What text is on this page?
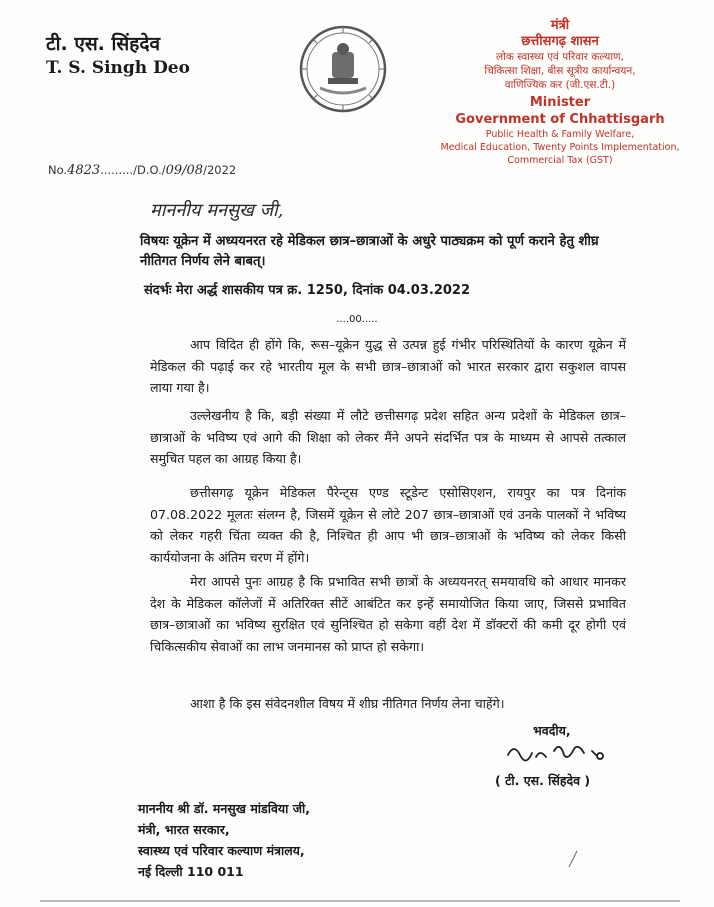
टी. एस. सिंहदेव
T. S. Singh Deo
मंत्री
छत्तीसगढ़ शासन
लोक स्वास्थ्य एवं परिवार कल्याण,
चिकित्सा शिक्षा, बीस सूत्रीय कार्यान्वयन,
वाणिज्यिक कर (जी.एस.टी.)
Minister
Government of Chhattisgarh
Public Health & Family Welfare,
Medical Education, Twenty Points Implementation,
Commercial Tax (GST)
No.4823........./D.O./09/08/2022
माननीय मनसुख जी,
विषयः यूक्रेन में अध्ययनरत रहे मेडिकल छात्र–छात्राओं के अधुरे पाठ्यक्रम को पूर्ण कराने हेतु शीघ्र नीतिगत निर्णय लेने बाबत्।
संदर्भः मेरा अर्द्ध शासकीय पत्र क्र. 1250, दिनांक 04.03.2022
....00.....
आप विदित ही होंगे कि, रूस–यूक्रेन युद्ध से उत्पन्न हुई गंभीर परिस्थितियों के कारण यूक्रेन में मेडिकल की पढ़ाई कर रहे भारतीय मूल के सभी छात्र–छात्राओं को भारत सरकार द्वारा सकुशल वापस लाया गया है।
उल्लेखनीय है कि, बड़ी संख्या में लौटे छत्तीसगढ़ प्रदेश सहित अन्य प्रदेशों के मेडिकल छात्र–छात्राओं के भविष्य एवं आगे की शिक्षा को लेकर मैंने अपने संदर्भित पत्र के माध्यम से आपसे तत्काल समुचित पहल का आग्रह किया है।
छत्तीसगढ़ यूक्रेन मेडिकल पैरेन्ट्स एण्ड स्टूडेन्ट एसोसिएशन, रायपुर का पत्र दिनांक 07.08.2022 मूलतः संलग्न है, जिसमें यूक्रेन से लोटे 207 छात्र–छात्राओं एवं उनके पालकों ने भविष्य को लेकर गहरी चिंता व्यक्त की है, निश्चित ही आप भी छात्र–छात्राओं के भविष्य को लेकर किसी कार्ययोजना के अंतिम चरण में होंगे।
मेरा आपसे पुनः आग्रह है कि प्रभावित सभी छात्रों के अध्ययनरत् समयावधि को आधार मानकर देश के मेडिकल कॉलेजों में अतिरिक्त सीटें आबंटित कर इन्हें समायोजित किया जाए, जिससे प्रभावित छात्र–छात्राओं का भविष्य सुरक्षित एवं सुनिश्चित हो सकेगा वहीं देश में डॉक्टरों की कमी दूर होगी एवं चिकित्सकीय सेवाओं का लाभ जनमानस को प्राप्त हो सकेगा।
आशा है कि इस संवेदनशील विषय में शीघ्र नीतिगत निर्णय लेना चाहेंगे।
भवदीय,
( टी. एस. सिंहदेव )
माननीय श्री डॉ. मनसुख मांडविया जी,
मंत्री, भारत सरकार,
स्वास्थ्य एवं परिवार कल्याण मंत्रालय,
नई दिल्ली 110 011
